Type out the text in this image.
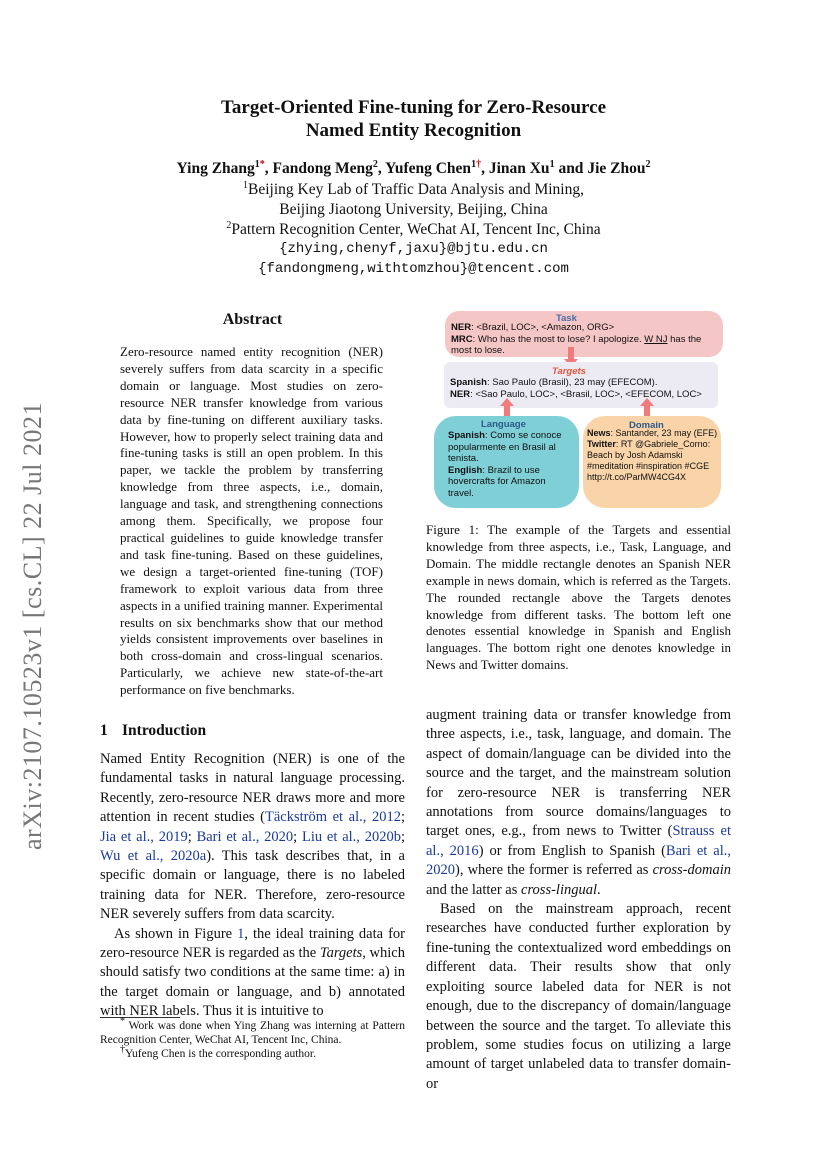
arXiv:2107.10523v1 [cs.CL] 22 Jul 2021
Target-Oriented Fine-tuning for Zero-Resource
Named Entity Recognition
Ying Zhang$^{1*}$, Fandong Meng$^2$, Yufeng Chen$^{1\dagger}$, Jinan Xu$^1$ and Jie Zhou$^2$
$^1$Beijing Key Lab of Traffic Data Analysis and Mining,
Beijing Jiaotong University, Beijing, China
$^2$Pattern Recognition Center, WeChat AI, Tencent Inc, China
{zhying,chenyf,jaxu}@bjtu.edu.cn
{fandongmeng,withtomzhou}@tencent.com
Abstract
Zero-resource named entity recognition (NER) severely suffers from data scarcity in a specific domain or language. Most studies on zero-resource NER transfer knowledge from various data by fine-tuning on different auxiliary tasks. However, how to properly select training data and fine-tuning tasks is still an open problem. In this paper, we tackle the problem by transferring knowledge from three aspects, i.e., domain, language and task, and strengthening connections among them. Specifically, we propose four practical guidelines to guide knowledge transfer and task fine-tuning. Based on these guidelines, we design a target-oriented fine-tuning (TOF) framework to exploit various data from three aspects in a unified training manner. Experimental results on six benchmarks show that our method yields consistent improvements over baselines in both cross-domain and cross-lingual scenarios. Particularly, we achieve new state-of-the-art performance on five benchmarks.
Task
NER: <Brazil, LOC>, <Amazon, ORG>
MRC: Who has the most to lose? I apologize. W NJ has the most to lose.
Targets
Spanish: Sao Paulo (Brasil), 23 may (EFECOM).
NER: <Sao Paulo, LOC>, <Brasil, LOC>, <EFECOM, LOC>
Language
Spanish: Como se conoce popularmente en Brasil al tenista.
English: Brazil to use hovercrafts for Amazon travel.
Domain
News: Santander, 23 may (EFE)
Twitter: RT @Gabriele_Corno: Beach by Josh Adamski #meditation #inspiration #CGE http://t.co/ParMW4CG4X
Figure 1: The example of the Targets and essential knowledge from three aspects, i.e., Task, Language, and Domain. The middle rectangle denotes an Spanish NER example in news domain, which is referred as the Targets. The rounded rectangle above the Targets denotes knowledge from different tasks. The bottom left one denotes essential knowledge in Spanish and English languages. The bottom right one denotes knowledge in News and Twitter domains.
1 Introduction

Named Entity Recognition (NER) is one of the fundamental tasks in natural language processing. Recently, zero-resource NER draws more and more attention in recent studies (Täckström et al., 2012; Jia et al., 2019; Bari et al., 2020; Liu et al., 2020b; Wu et al., 2020a). This task describes that, in a specific domain or language, there is no labeled training data for NER. Therefore, zero-resource NER severely suffers from data scarcity.

As shown in Figure 1, the ideal training data for zero-resource NER is regarded as the Targets, which should satisfy two conditions at the same time: a) in the target domain or language, and b) annotated with NER labels. Thus it is intuitive to

* Work was done when Ying Zhang was interning at Pattern Recognition Center, WeChat AI, Tencent Inc, China.
†Yufeng Chen is the corresponding author.

augment training data or transfer knowledge from three aspects, i.e., task, language, and domain. The aspect of domain/language can be divided into the source and the target, and the mainstream solution for zero-resource NER is transferring NER annotations from source domains/languages to target ones, e.g., from news to Twitter (Strauss et al., 2016) or from English to Spanish (Bari et al., 2020), where the former is referred as cross-domain and the latter as cross-lingual.

Based on the mainstream approach, recent researches have conducted further exploration by fine-tuning the contextualized word embeddings on different data. Their results show that only exploiting source labeled data for NER is not enough, due to the discrepancy of domain/language between the source and the target. To alleviate this problem, some studies focus on utilizing a large amount of target unlabeled data to transfer domain- or
